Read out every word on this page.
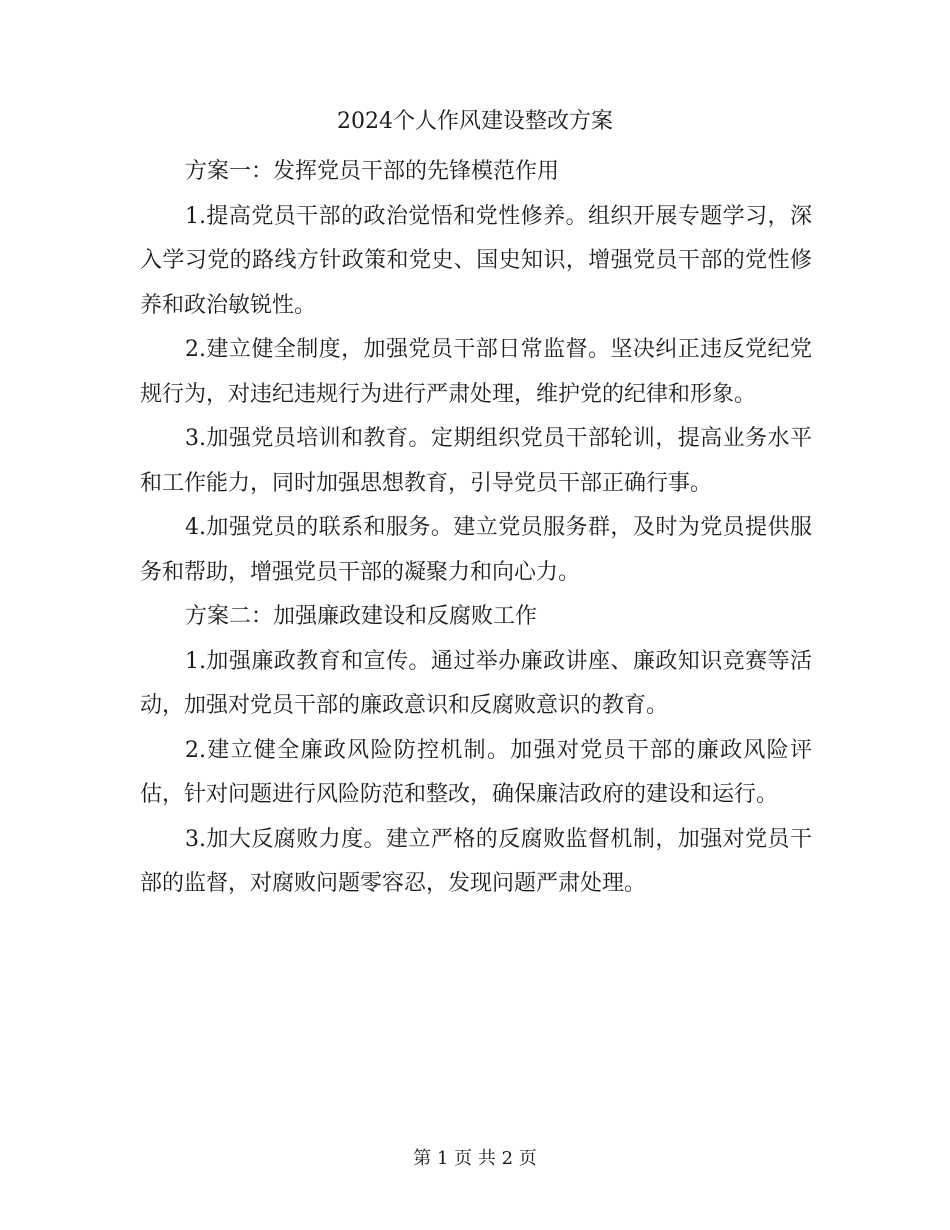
2024个人作风建设整改方案

方案一：发挥党员干部的先锋模范作用

1.提高党员干部的政治觉悟和党性修养。组织开展专题学习，深入学习党的路线方针政策和党史、国史知识，增强党员干部的党性修养和政治敏锐性。

2.建立健全制度，加强党员干部日常监督。坚决纠正违反党纪党规行为，对违纪违规行为进行严肃处理，维护党的纪律和形象。

3.加强党员培训和教育。定期组织党员干部轮训，提高业务水平和工作能力，同时加强思想教育，引导党员干部正确行事。

4.加强党员的联系和服务。建立党员服务群，及时为党员提供服务和帮助，增强党员干部的凝聚力和向心力。

方案二：加强廉政建设和反腐败工作

1.加强廉政教育和宣传。通过举办廉政讲座、廉政知识竞赛等活动，加强对党员干部的廉政意识和反腐败意识的教育。

2.建立健全廉政风险防控机制。加强对党员干部的廉政风险评估，针对问题进行风险防范和整改，确保廉洁政府的建设和运行。

3.加大反腐败力度。建立严格的反腐败监督机制，加强对党员干部的监督，对腐败问题零容忍，发现问题严肃处理。

第 1 页 共 2 页
